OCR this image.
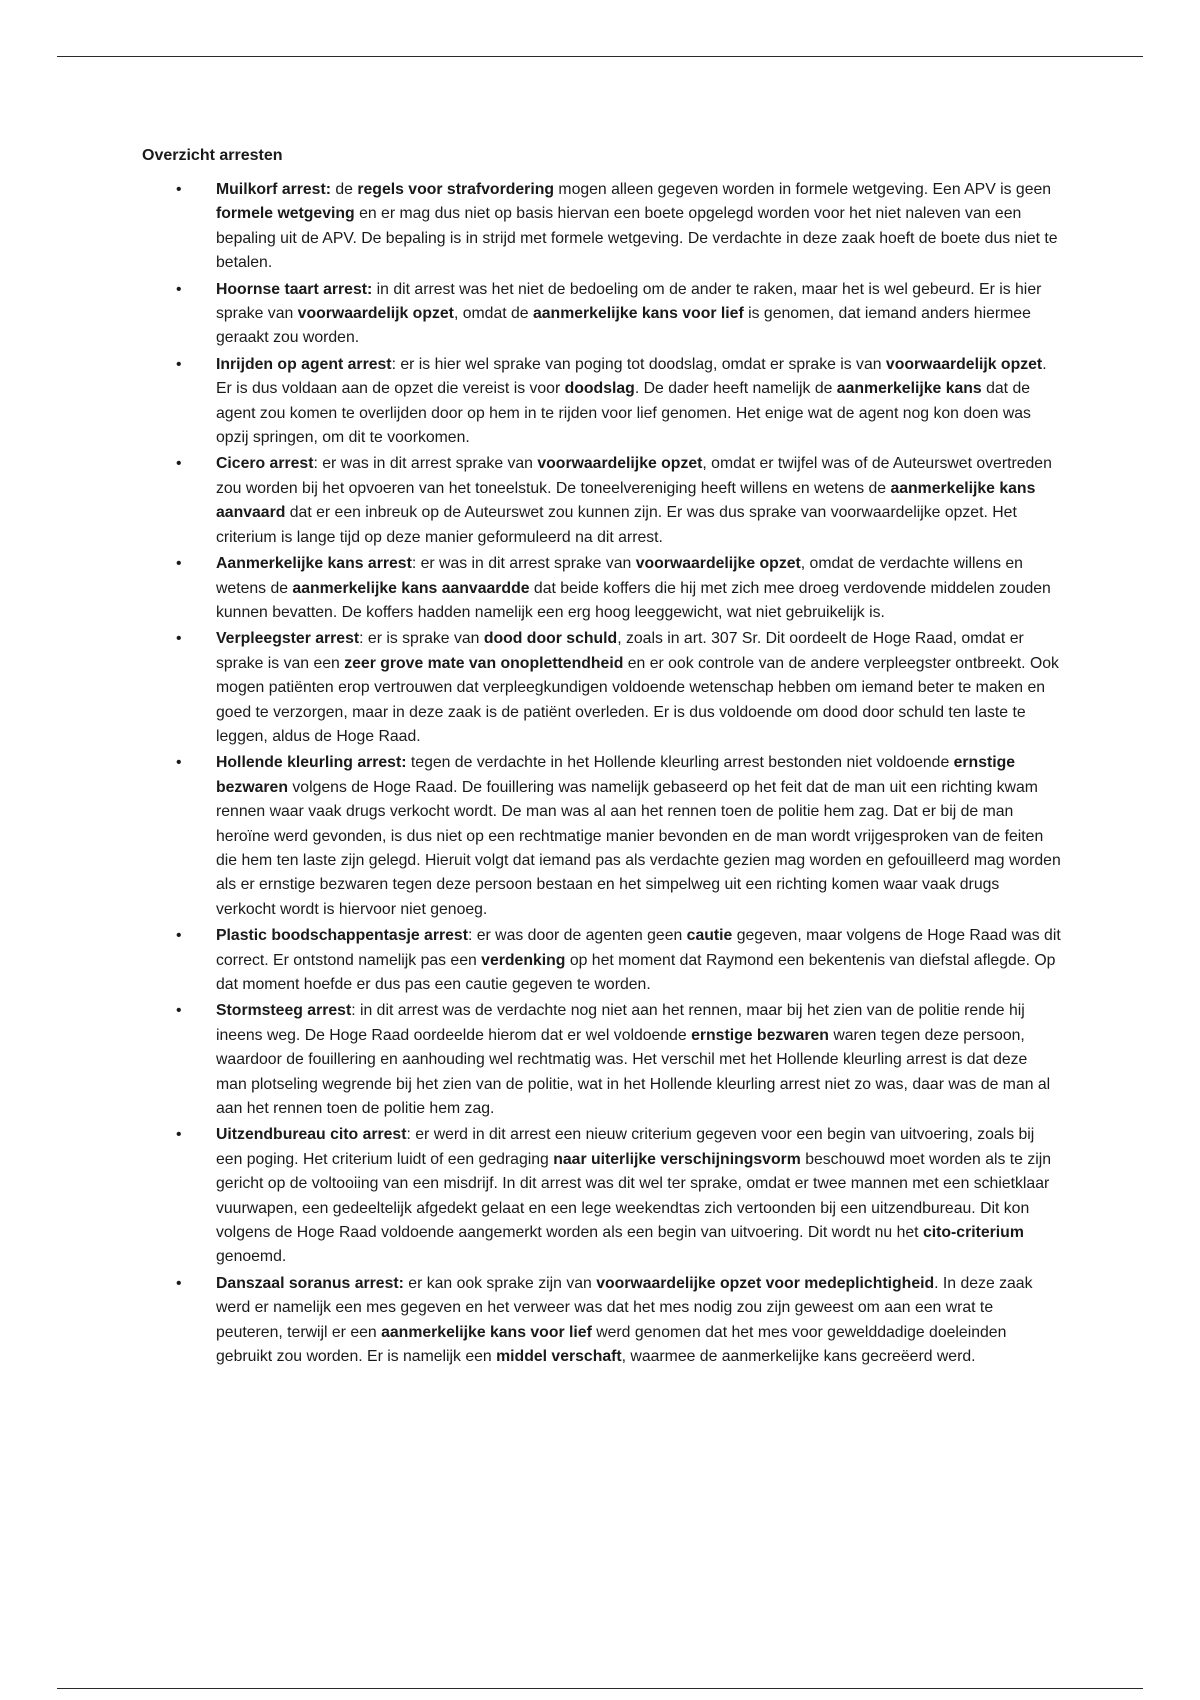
Overzicht arresten
• Muilkorf arrest: de regels voor strafvordering mogen alleen gegeven worden in formele wetgeving. Een APV is geen formele wetgeving en er mag dus niet op basis hiervan een boete opgelegd worden voor het niet naleven van een bepaling uit de APV. De bepaling is in strijd met formele wetgeving. De verdachte in deze zaak hoeft de boete dus niet te betalen.
• Hoornse taart arrest: in dit arrest was het niet de bedoeling om de ander te raken, maar het is wel gebeurd. Er is hier sprake van voorwaardelijk opzet, omdat de aanmerkelijke kans voor lief is genomen, dat iemand anders hiermee geraakt zou worden.
• Inrijden op agent arrest: er is hier wel sprake van poging tot doodslag, omdat er sprake is van voorwaardelijk opzet. Er is dus voldaan aan de opzet die vereist is voor doodslag. De dader heeft namelijk de aanmerkelijke kans dat de agent zou komen te overlijden door op hem in te rijden voor lief genomen. Het enige wat de agent nog kon doen was opzij springen, om dit te voorkomen.
• Cicero arrest: er was in dit arrest sprake van voorwaardelijke opzet, omdat er twijfel was of de Auteurswet overtreden zou worden bij het opvoeren van het toneelstuk. De toneelvereniging heeft willens en wetens de aanmerkelijke kans aanvaard dat er een inbreuk op de Auteurswet zou kunnen zijn. Er was dus sprake van voorwaardelijke opzet. Het criterium is lange tijd op deze manier geformuleerd na dit arrest.
• Aanmerkelijke kans arrest: er was in dit arrest sprake van voorwaardelijke opzet, omdat de verdachte willens en wetens de aanmerkelijke kans aanvaardde dat beide koffers die hij met zich mee droeg verdovende middelen zouden kunnen bevatten. De koffers hadden namelijk een erg hoog leeggewicht, wat niet gebruikelijk is.
• Verpleegster arrest: er is sprake van dood door schuld, zoals in art. 307 Sr. Dit oordeelt de Hoge Raad, omdat er sprake is van een zeer grove mate van onoplettendheid en er ook controle van de andere verpleegster ontbreekt. Ook mogen patiënten erop vertrouwen dat verpleegkundigen voldoende wetenschap hebben om iemand beter te maken en goed te verzorgen, maar in deze zaak is de patiënt overleden. Er is dus voldoende om dood door schuld ten laste te leggen, aldus de Hoge Raad.
• Hollende kleurling arrest: tegen de verdachte in het Hollende kleurling arrest bestonden niet voldoende ernstige bezwaren volgens de Hoge Raad. De fouillering was namelijk gebaseerd op het feit dat de man uit een richting kwam rennen waar vaak drugs verkocht wordt. De man was al aan het rennen toen de politie hem zag. Dat er bij de man heroïne werd gevonden, is dus niet op een rechtmatige manier bevonden en de man wordt vrijgesproken van de feiten die hem ten laste zijn gelegd. Hieruit volgt dat iemand pas als verdachte gezien mag worden en gefouilleerd mag worden als er ernstige bezwaren tegen deze persoon bestaan en het simpelweg uit een richting komen waar vaak drugs verkocht wordt is hiervoor niet genoeg.
• Plastic boodschappentasje arrest: er was door de agenten geen cautie gegeven, maar volgens de Hoge Raad was dit correct. Er ontstond namelijk pas een verdenking op het moment dat Raymond een bekentenis van diefstal aflegde. Op dat moment hoefde er dus pas een cautie gegeven te worden.
• Stormsteeg arrest: in dit arrest was de verdachte nog niet aan het rennen, maar bij het zien van de politie rende hij ineens weg. De Hoge Raad oordeelde hierom dat er wel voldoende ernstige bezwaren waren tegen deze persoon, waardoor de fouillering en aanhouding wel rechtmatig was. Het verschil met het Hollende kleurling arrest is dat deze man plotseling wegrende bij het zien van de politie, wat in het Hollende kleurling arrest niet zo was, daar was de man al aan het rennen toen de politie hem zag.
• Uitzendbureau cito arrest: er werd in dit arrest een nieuw criterium gegeven voor een begin van uitvoering, zoals bij een poging. Het criterium luidt of een gedraging naar uiterlijke verschijningsvorm beschouwd moet worden als te zijn gericht op de voltooiing van een misdrijf. In dit arrest was dit wel ter sprake, omdat er twee mannen met een schietklaar vuurwapen, een gedeeltelijk afgedekt gelaat en een lege weekendtas zich vertoonden bij een uitzendbureau. Dit kon volgens de Hoge Raad voldoende aangemerkt worden als een begin van uitvoering. Dit wordt nu het cito-criterium genoemd.
• Danszaal soranus arrest: er kan ook sprake zijn van voorwaardelijke opzet voor medeplichtigheid. In deze zaak werd er namelijk een mes gegeven en het verweer was dat het mes nodig zou zijn geweest om aan een wrat te peuteren, terwijl er een aanmerkelijke kans voor lief werd genomen dat het mes voor gewelddadige doeleinden gebruikt zou worden. Er is namelijk een middel verschaft, waarmee de aanmerkelijke kans gecreëerd werd.
